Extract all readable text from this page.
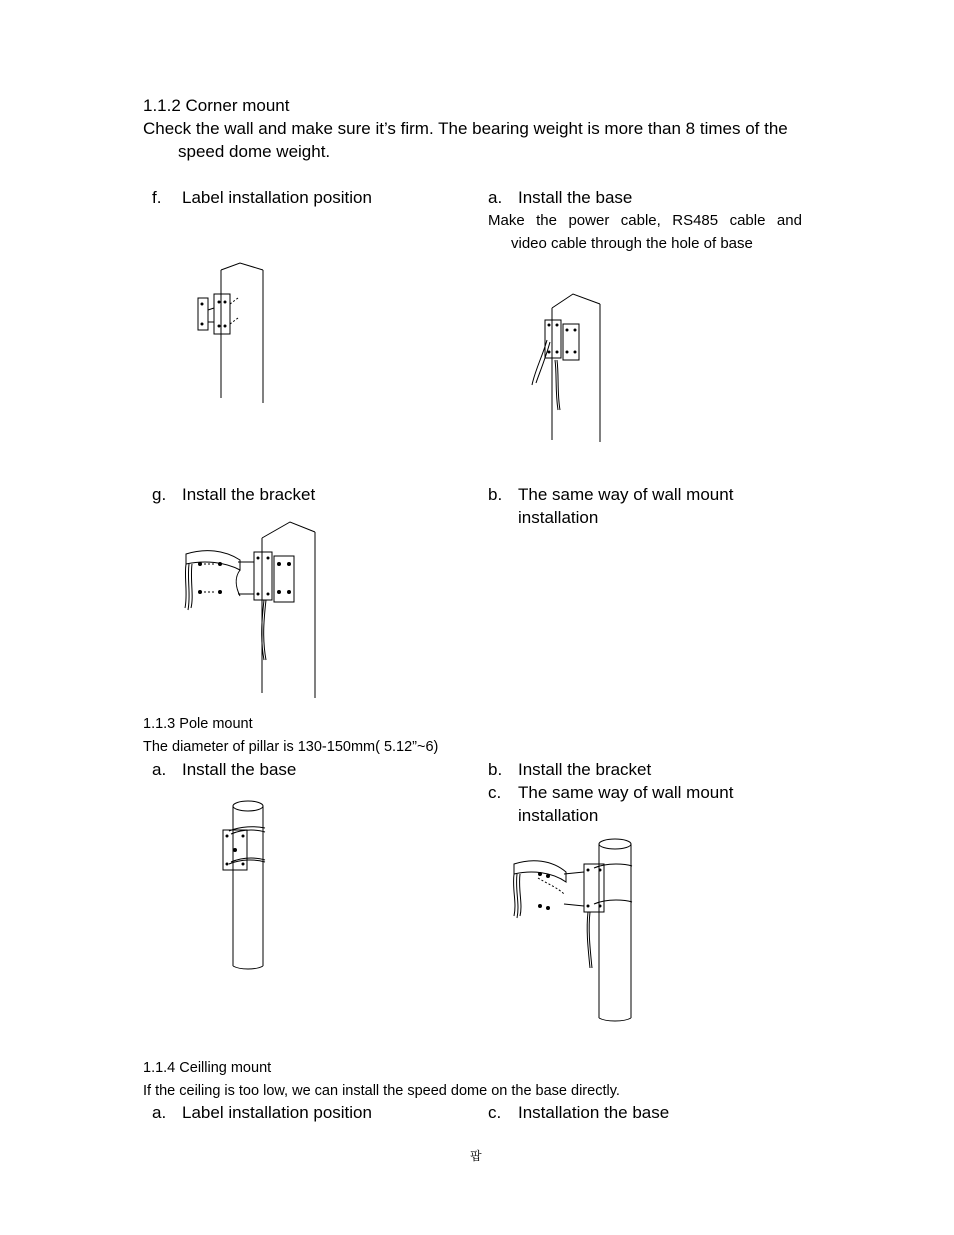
1.1.2 Corner mount
Check the wall and make sure it’s firm. The bearing weight is more than 8 times of the
speed dome weight.
f. Label installation position	a. Install the base
Make the power cable, RS485 cable and
video cable through the hole of base
g. Install the bracket	b. The same way of wall mount
installation
1.1.3 Pole mount
The diameter of pillar is 130-150mm( 5.12”~6)
a. Install the base	b. Install the bracket
c. The same way of wall mount
installation
1.1.4 Ceilling mount
If the ceiling is too low, we can install the speed dome on the base directly.
a. Label installation position	c. Installation the base
팝
